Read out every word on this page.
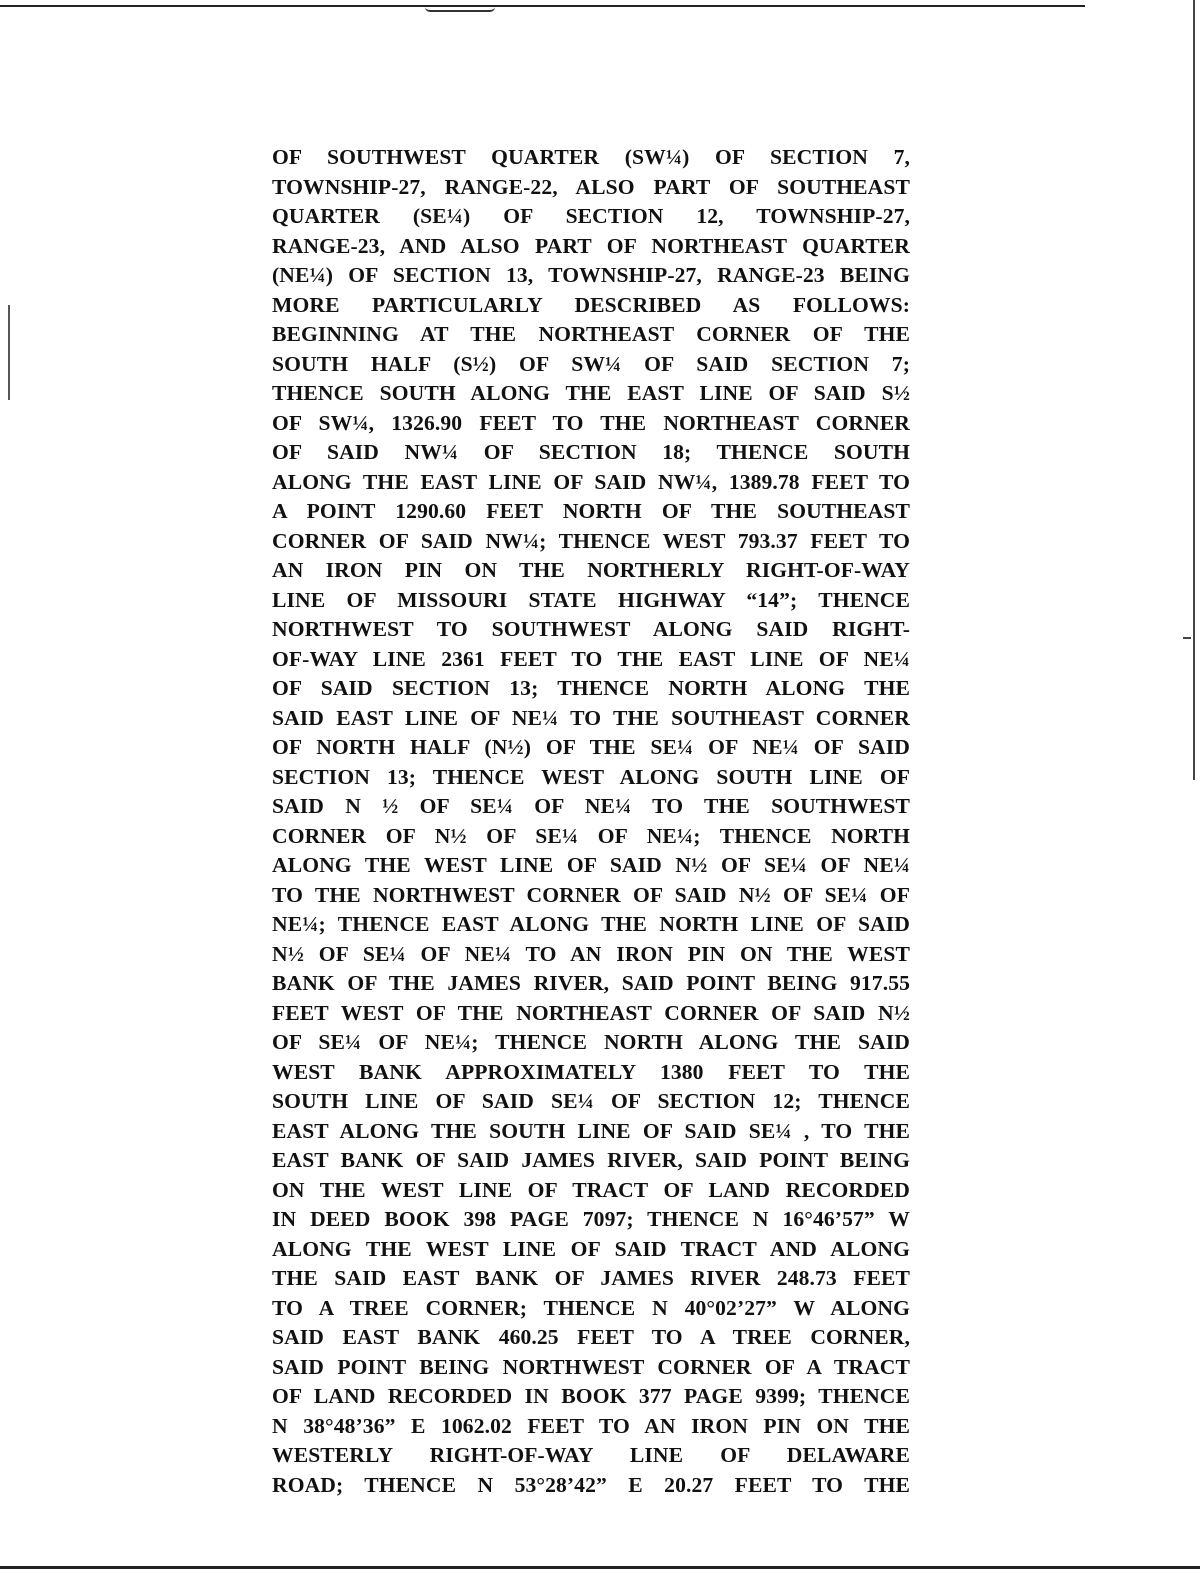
OF SOUTHWEST QUARTER (SW¼) OF SECTION 7,
TOWNSHIP-27, RANGE-22, ALSO PART OF SOUTHEAST
QUARTER (SE¼) OF SECTION 12, TOWNSHIP-27,
RANGE-23, AND ALSO PART OF NORTHEAST QUARTER
(NE¼) OF SECTION 13, TOWNSHIP-27, RANGE-23 BEING
MORE PARTICULARLY DESCRIBED AS FOLLOWS:
BEGINNING AT THE NORTHEAST CORNER OF THE
SOUTH HALF (S½) OF SW¼ OF SAID SECTION 7;
THENCE SOUTH ALONG THE EAST LINE OF SAID S½
OF SW¼, 1326.90 FEET TO THE NORTHEAST CORNER
OF SAID NW¼ OF SECTION 18; THENCE SOUTH
ALONG THE EAST LINE OF SAID NW¼, 1389.78 FEET TO
A POINT 1290.60 FEET NORTH OF THE SOUTHEAST
CORNER OF SAID NW¼; THENCE WEST 793.37 FEET TO
AN IRON PIN ON THE NORTHERLY RIGHT-OF-WAY
LINE OF MISSOURI STATE HIGHWAY “14”; THENCE
NORTHWEST TO SOUTHWEST ALONG SAID RIGHT-
OF-WAY LINE 2361 FEET TO THE EAST LINE OF NE¼
OF SAID SECTION 13; THENCE NORTH ALONG THE
SAID EAST LINE OF NE¼ TO THE SOUTHEAST CORNER
OF NORTH HALF (N½) OF THE SE¼ OF NE¼ OF SAID
SECTION 13; THENCE WEST ALONG SOUTH LINE OF
SAID N ½ OF SE¼ OF NE¼ TO THE SOUTHWEST
CORNER OF N½ OF SE¼ OF NE¼; THENCE NORTH
ALONG THE WEST LINE OF SAID N½ OF SE¼ OF NE¼
TO THE NORTHWEST CORNER OF SAID N½ OF SE¼ OF
NE¼; THENCE EAST ALONG THE NORTH LINE OF SAID
N½ OF SE¼ OF NE¼ TO AN IRON PIN ON THE WEST
BANK OF THE JAMES RIVER, SAID POINT BEING 917.55
FEET WEST OF THE NORTHEAST CORNER OF SAID N½
OF SE¼ OF NE¼; THENCE NORTH ALONG THE SAID
WEST BANK APPROXIMATELY 1380 FEET TO THE
SOUTH LINE OF SAID SE¼ OF SECTION 12; THENCE
EAST ALONG THE SOUTH LINE OF SAID SE¼ , TO THE
EAST BANK OF SAID JAMES RIVER, SAID POINT BEING
ON THE WEST LINE OF TRACT OF LAND RECORDED
IN DEED BOOK 398 PAGE 7097; THENCE N 16°46’57” W
ALONG THE WEST LINE OF SAID TRACT AND ALONG
THE SAID EAST BANK OF JAMES RIVER 248.73 FEET
TO A TREE CORNER; THENCE N 40°02’27” W ALONG
SAID EAST BANK 460.25 FEET TO A TREE CORNER,
SAID POINT BEING NORTHWEST CORNER OF A TRACT
OF LAND RECORDED IN BOOK 377 PAGE 9399; THENCE
N 38°48’36” E 1062.02 FEET TO AN IRON PIN ON THE
WESTERLY RIGHT-OF-WAY LINE OF DELAWARE
ROAD; THENCE N 53°28’42” E 20.27 FEET TO THE
